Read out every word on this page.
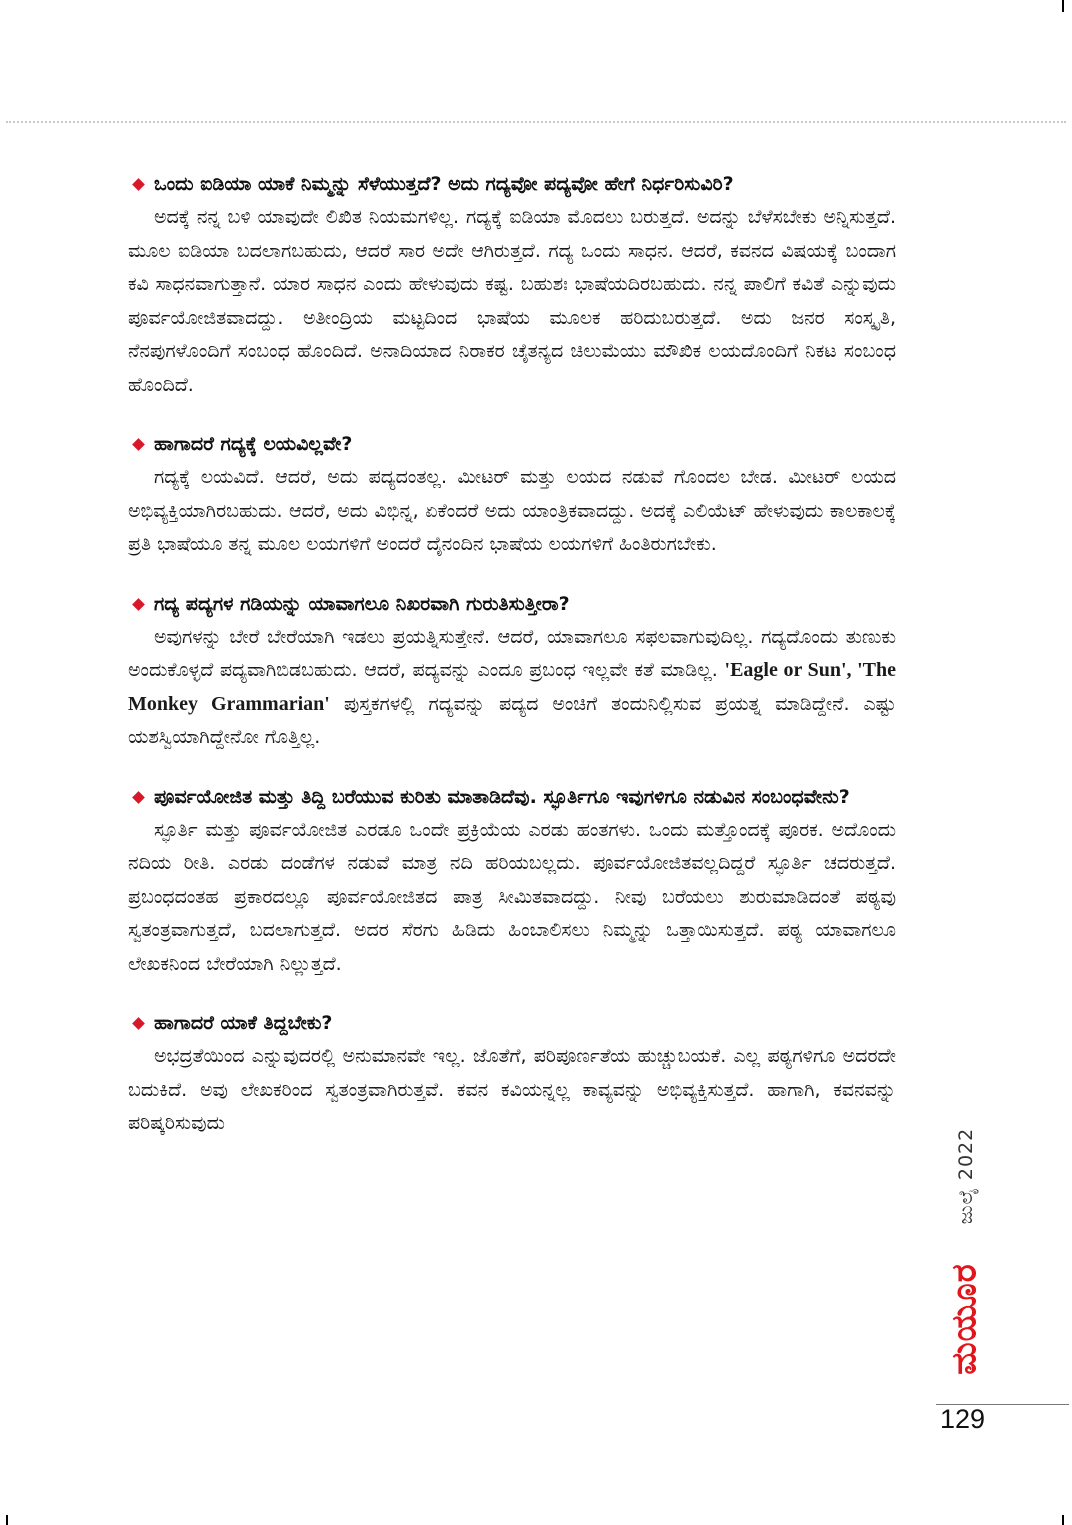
ಒಂದು ಐಡಿಯಾ ಯಾಕೆ ನಿಮ್ಮನ್ನು ಸೆಳೆಯುತ್ತದೆ? ಅದು ಗದ್ಯವೋ ಪದ್ಯವೋ ಹೇಗೆ ನಿರ್ಧರಿಸುವಿರಿ?

ಅದಕ್ಕೆ ನನ್ನ ಬಳಿ ಯಾವುದೇ ಲಿಖಿತ ನಿಯಮಗಳಿಲ್ಲ. ಗದ್ಯಕ್ಕೆ ಐಡಿಯಾ ಮೊದಲು ಬರುತ್ತದೆ. ಅದನ್ನು ಬೆಳೆಸಬೇಕು ಅನ್ನಿಸುತ್ತದೆ. ಮೂಲ ಐಡಿಯಾ ಬದಲಾಗಬಹುದು, ಆದರೆ ಸಾರ ಅದೇ ಆಗಿರುತ್ತದೆ. ಗದ್ಯ ಒಂದು ಸಾಧನ. ಆದರೆ, ಕವನದ ವಿಷಯಕ್ಕೆ ಬಂದಾಗ ಕವಿ ಸಾಧನವಾಗುತ್ತಾನೆ. ಯಾರ ಸಾಧನ ಎಂದು ಹೇಳುವುದು ಕಷ್ಟ. ಬಹುಶಃ ಭಾಷೆಯದಿರಬಹುದು. ನನ್ನ ಪಾಲಿಗೆ ಕವಿತೆ ಎನ್ನುವುದು ಪೂರ್ವಯೋಜಿತವಾದದ್ದು. ಅತೀಂದ್ರಿಯ ಮಟ್ಟದಿಂದ ಭಾಷೆಯ ಮೂಲಕ ಹರಿದುಬರುತ್ತದೆ. ಅದು ಜನರ ಸಂಸ್ಕೃತಿ, ನೆನಪುಗಳೊಂದಿಗೆ ಸಂಬಂಧ ಹೊಂದಿದೆ. ಅನಾದಿಯಾದ ನಿರಾಕರ ಚೈತನ್ಯದ ಚಿಲುಮೆಯು ಮೌಖಿಕ ಲಯದೊಂದಿಗೆ ನಿಕಟ ಸಂಬಂಧ ಹೊಂದಿದೆ.

ಹಾಗಾದರೆ ಗದ್ಯಕ್ಕೆ ಲಯವಿಲ್ಲವೇ?

ಗದ್ಯಕ್ಕೆ ಲಯವಿದೆ. ಆದರೆ, ಅದು ಪದ್ಯದಂತಲ್ಲ. ಮೀಟರ್ ಮತ್ತು ಲಯದ ನಡುವೆ ಗೊಂದಲ ಬೇಡ. ಮೀಟರ್ ಲಯದ ಅಭಿವ್ಯಕ್ತಿಯಾಗಿರಬಹುದು. ಆದರೆ, ಅದು ವಿಭಿನ್ನ, ಏಕೆಂದರೆ ಅದು ಯಾಂತ್ರಿಕವಾದದ್ದು. ಅದಕ್ಕೆ ಎಲಿಯೆಟ್ ಹೇಳುವುದು ಕಾಲಕಾಲಕ್ಕೆ ಪ್ರತಿ ಭಾಷೆಯೂ ತನ್ನ ಮೂಲ ಲಯಗಳಿಗೆ ಅಂದರೆ ದೈನಂದಿನ ಭಾಷೆಯ ಲಯಗಳಿಗೆ ಹಿಂತಿರುಗಬೇಕು.

ಗದ್ಯ ಪದ್ಯಗಳ ಗಡಿಯನ್ನು ಯಾವಾಗಲೂ ನಿಖರವಾಗಿ ಗುರುತಿಸುತ್ತೀರಾ?

ಅವುಗಳನ್ನು ಬೇರೆ ಬೇರೆಯಾಗಿ ಇಡಲು ಪ್ರಯತ್ನಿಸುತ್ತೇನೆ. ಆದರೆ, ಯಾವಾಗಲೂ ಸಫಲವಾಗುವುದಿಲ್ಲ. ಗದ್ಯದೊಂದು ತುಣುಕು ಅಂದುಕೊಳ್ಳದೆ ಪದ್ಯವಾಗಿಬಿಡಬಹುದು. ಆದರೆ, ಪದ್ಯವನ್ನು ಎಂದೂ ಪ್ರಬಂಧ ಇಲ್ಲವೇ ಕತೆ ಮಾಡಿಲ್ಲ. 'Eagle or Sun', 'The Monkey Grammarian' ಪುಸ್ತಕಗಳಲ್ಲಿ ಗದ್ಯವನ್ನು ಪದ್ಯದ ಅಂಚಿಗೆ ತಂದುನಿಲ್ಲಿಸುವ ಪ್ರಯತ್ನ ಮಾಡಿದ್ದೇನೆ. ಎಷ್ಟು ಯಶಸ್ವಿಯಾಗಿದ್ದೇನೋ ಗೊತ್ತಿಲ್ಲ.

ಪೂರ್ವಯೋಜಿತ ಮತ್ತು ತಿದ್ದಿ ಬರೆಯುವ ಕುರಿತು ಮಾತಾಡಿದೆವು. ಸ್ಫೂರ್ತಿಗೂ ಇವುಗಳಿಗೂ ನಡುವಿನ ಸಂಬಂಧವೇನು?

ಸ್ಫೂರ್ತಿ ಮತ್ತು ಪೂರ್ವಯೋಜಿತ ಎರಡೂ ಒಂದೇ ಪ್ರಕ್ರಿಯೆಯ ಎರಡು ಹಂತಗಳು. ಒಂದು ಮತ್ತೊಂದಕ್ಕೆ ಪೂರಕ. ಅದೊಂದು ನದಿಯ ರೀತಿ. ಎರಡು ದಂಡೆಗಳ ನಡುವೆ ಮಾತ್ರ ನದಿ ಹರಿಯಬಲ್ಲದು. ಪೂರ್ವಯೋಜಿತವಲ್ಲದಿದ್ದರೆ ಸ್ಫೂರ್ತಿ ಚದರುತ್ತದೆ. ಪ್ರಬಂಧದಂತಹ ಪ್ರಕಾರದಲ್ಲೂ ಪೂರ್ವಯೋಜಿತದ ಪಾತ್ರ ಸೀಮಿತವಾದದ್ದು. ನೀವು ಬರೆಯಲು ಶುರುಮಾಡಿದಂತೆ ಪಠ್ಯವು ಸ್ವತಂತ್ರವಾಗುತ್ತದೆ, ಬದಲಾಗುತ್ತದೆ. ಅದರ ಸೆರಗು ಹಿಡಿದು ಹಿಂಬಾಲಿಸಲು ನಿಮ್ಮನ್ನು ಒತ್ತಾಯಿಸುತ್ತದೆ. ಪಠ್ಯ ಯಾವಾಗಲೂ ಲೇಖಕನಿಂದ ಬೇರೆಯಾಗಿ ನಿಲ್ಲುತ್ತದೆ.

ಹಾಗಾದರೆ ಯಾಕೆ ತಿದ್ದಬೇಕು?

ಅಭದ್ರತೆಯಿಂದ ಎನ್ನುವುದರಲ್ಲಿ ಅನುಮಾನವೇ ಇಲ್ಲ. ಜೊತೆಗೆ, ಪರಿಪೂರ್ಣತೆಯ ಹುಚ್ಚುಬಯಕೆ. ಎಲ್ಲ ಪಠ್ಯಗಳಿಗೂ ಅದರದೇ ಬದುಕಿದೆ. ಅವು ಲೇಖಕರಿಂದ ಸ್ವತಂತ್ರವಾಗಿರುತ್ತವೆ. ಕವನ ಕವಿಯನ್ನಲ್ಲ ಕಾವ್ಯವನ್ನು ಅಭಿವ್ಯಕ್ತಿಸುತ್ತದೆ. ಹಾಗಾಗಿ, ಕವನವನ್ನು ಪರಿಷ್ಕರಿಸುವುದು

ಜುಲೈ 2022
ಮಯೂರ
129
